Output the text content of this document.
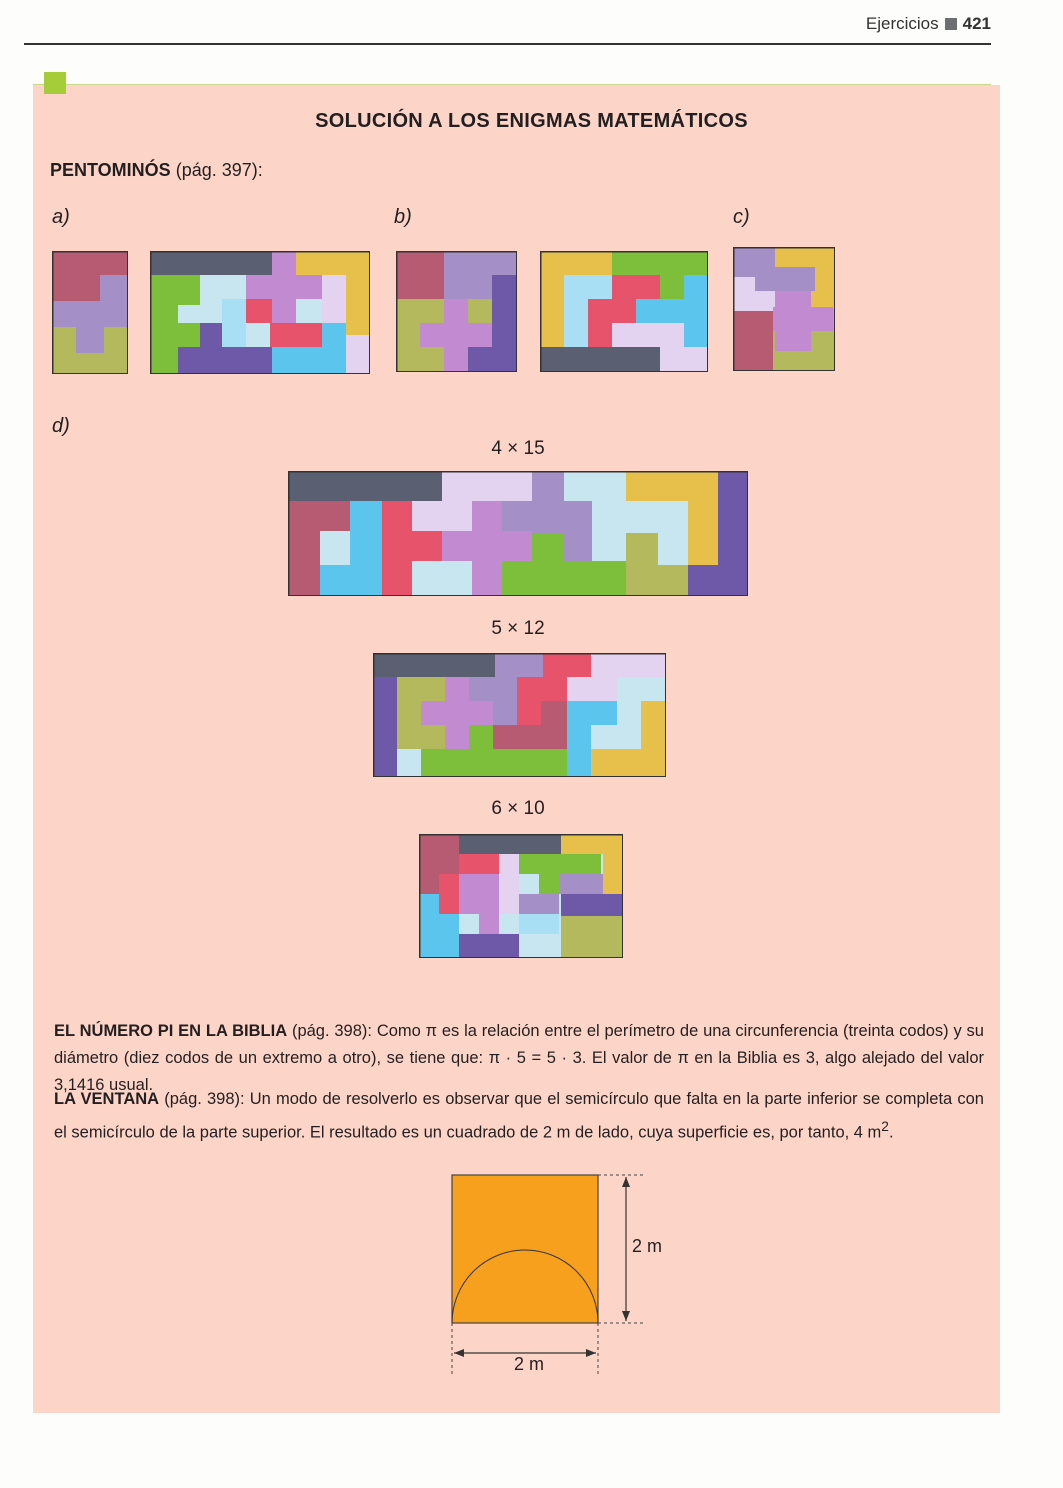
Ejercicios 421
SOLUCIÓN A LOS ENIGMAS MATEMÁTICOS
PENTOMINÓS (pág. 397):
a)	b)	c)
d)
4 × 15
5 × 12
6 × 10
EL NÚMERO PI EN LA BIBLIA (pág. 398): Como π es la relación entre el perímetro de una circunferencia (treinta codos) y su diámetro (diez codos de un extremo a otro), se tiene que: π · 5 = 5 · 3. El valor de π en la Biblia es 3, algo alejado del valor 3,1416 usual.
LA VENTANA (pág. 398): Un modo de resolverlo es observar que el semicírculo que falta en la parte inferior se completa con el semicírculo de la parte superior. El resultado es un cuadrado de 2 m de lado, cuya superficie es, por tanto, 4 $m^2$.
2 m
2 m
